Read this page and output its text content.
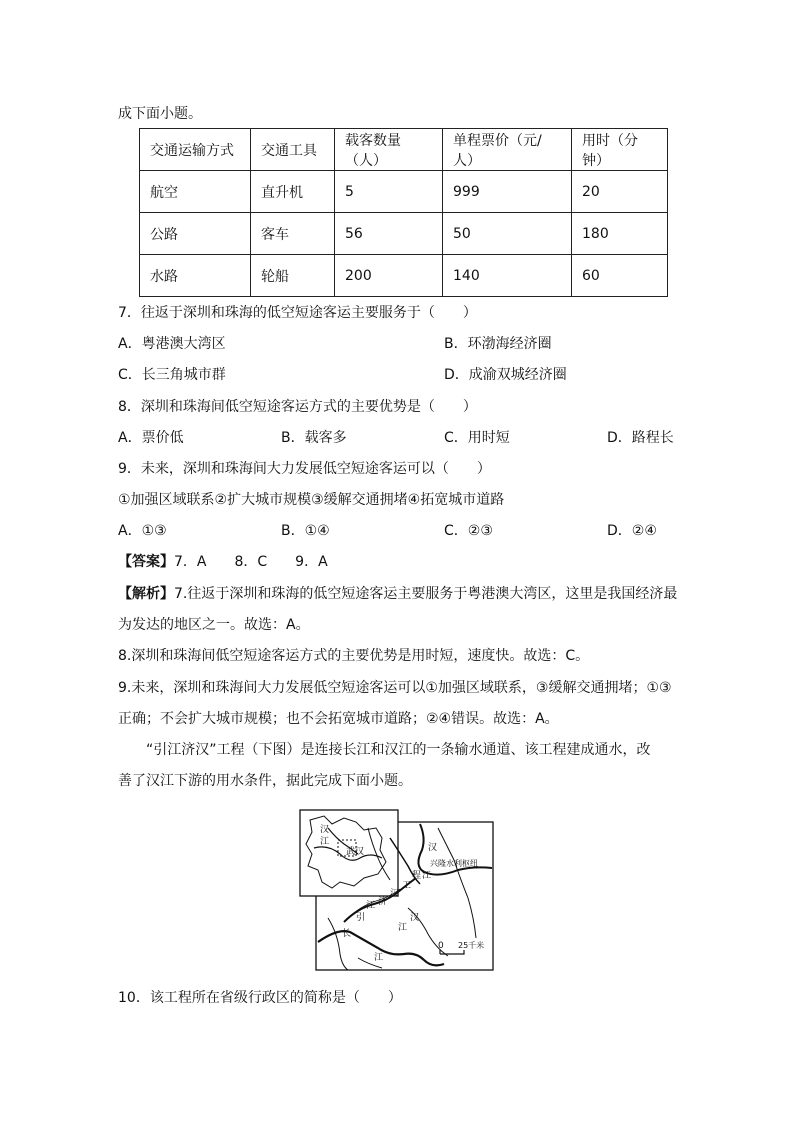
成下面小题。
交通运输方式	交通工具	载客数量（人）	单程票价（元/人）	用时（分钟）
航空	直升机	5	999	20
公路	客车	56	50	180
水路	轮船	200	140	60
7．往返于深圳和珠海的低空短途客运主要服务于（　　）
A．粤港澳大湾区	B．环渤海经济圈
C．长三角城市群	D．成渝双城经济圈
8．深圳和珠海间低空短途客运方式的主要优势是（　　）
A．票价低	B．载客多	C．用时短	D．路程长
9．未来，深圳和珠海间大力发展低空短途客运可以（　　）
①加强区域联系②扩大城市规模③缓解交通拥堵④拓宽城市道路
A．①③	B．①④	C．②③	D．②④
【答案】7．A　　8．C　　9．A
【解析】7.往返于深圳和珠海的低空短途客运主要服务于粤港澳大湾区，这里是我国经济最
为发达的地区之一。故选：A。
8.深圳和珠海间低空短途客运方式的主要优势是用时短，速度快。故选：C。
9.未来，深圳和珠海间大力发展低空短途客运可以①加强区域联系，③缓解交通拥堵；①③
正确；不会扩大城市规模；也不会拓宽城市道路；②④错误。故选：A。
“引江济汉”工程（下图）是连接长江和汉江的一条输水通道、该工程建成通水，改
善了汉江下游的用水条件，据此完成下面小题。
武汉
汉
江
兴隆水利枢纽
汉
江
引
江 济
汉
工
程
长
江
江
汉
0 25千米
10．该工程所在省级行政区的简称是（　　）
